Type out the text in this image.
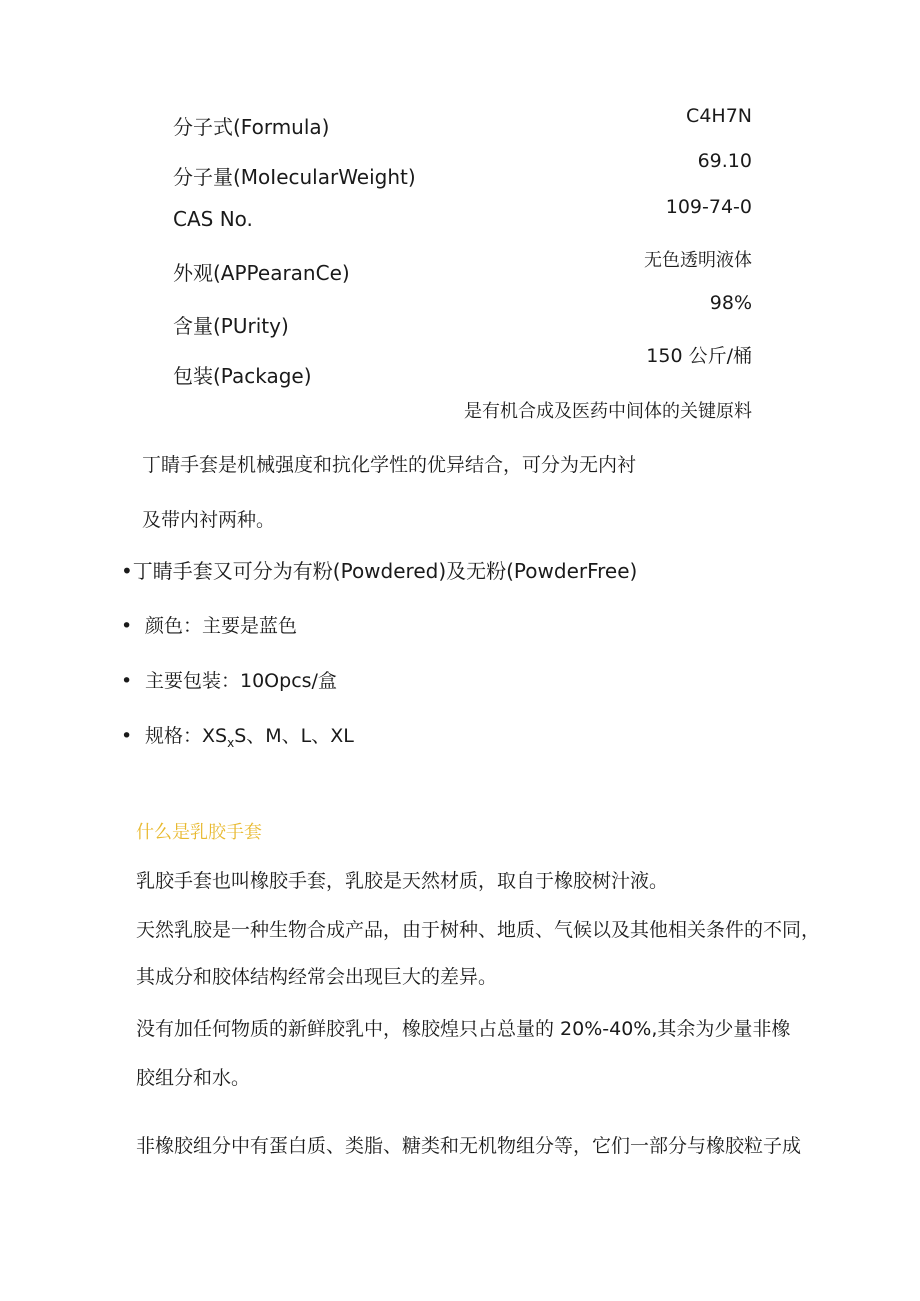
分子式(Formula)	C4H7N
分子量(MoIecularWeight)
69.10
CAS No.	109-74-0
外观(APPearanCe)
无色透明液体
含量(PUrity)
98%
包装(Package)
150 公斤/桶
是有机合成及医药中间体的关键原料
丁睛手套是机械强度和抗化学性的优异结合，可分为无内衬
及带内衬两种。
•丁睛手套又可分为有粉(Powdered)及无粉(PowderFree)
• 颜色：主要是蓝色
• 主要包装：10Opcs/盒
• 规格：$XS_xS$、M、L、XL
什么是乳胶手套
乳胶手套也叫橡胶手套，乳胶是天然材质，取自于橡胶树汁液。
天然乳胶是一种生物合成产品，由于树种、地质、气候以及其他相关条件的不同，
其成分和胶体结构经常会出现巨大的差异。
没有加任何物质的新鲜胶乳中，橡胶煌只占总量的 20%-40%,其余为少量非橡
胶组分和水。
非橡胶组分中有蛋白质、类脂、糖类和无机物组分等，它们一部分与橡胶粒子成
